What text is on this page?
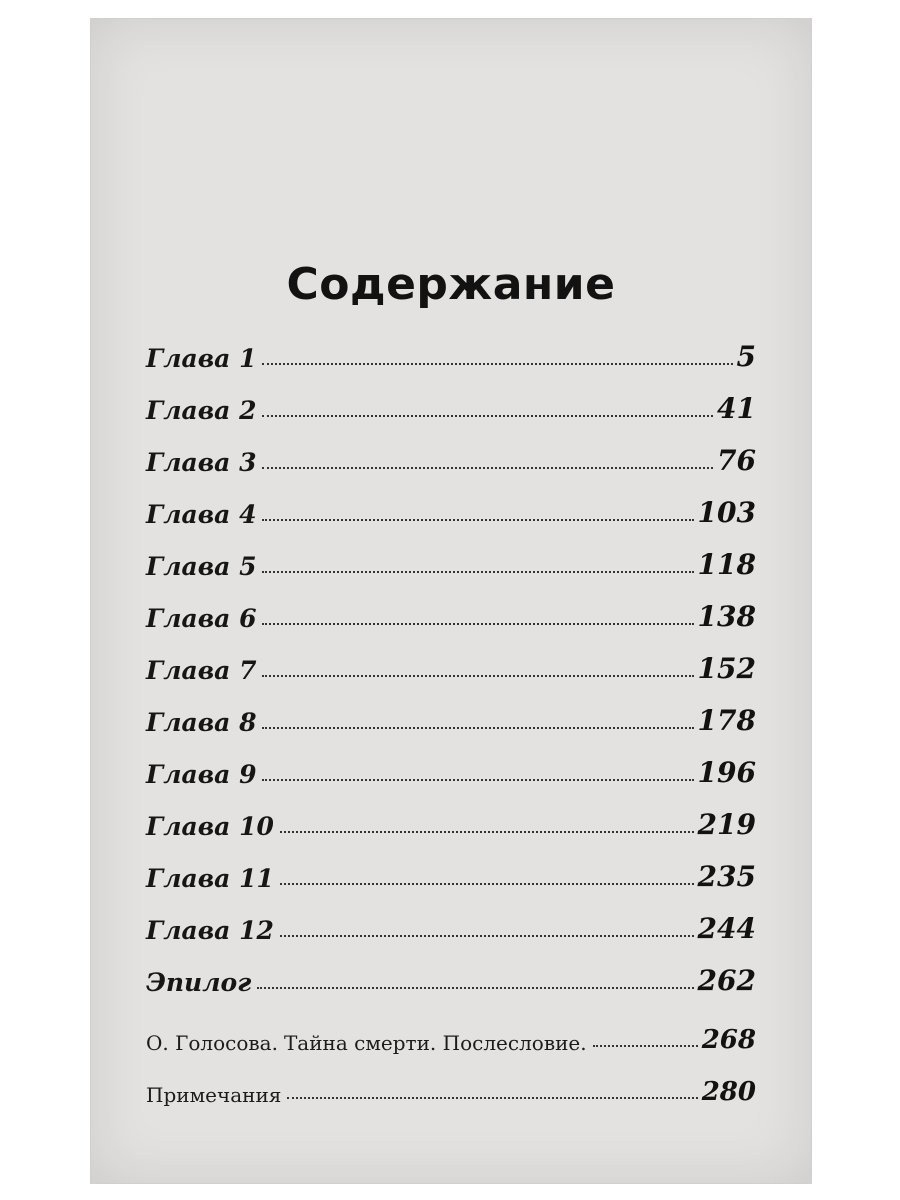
Содержание
Глава 1	5
Глава 2	41
Глава 3	76
Глава 4	103
Глава 5	118
Глава 6	138
Глава 7	152
Глава 8	178
Глава 9	196
Глава 10	219
Глава 11	235
Глава 12	244
Эпилог	262
О. Голосова. Тайна смерти. Послесловие.	268
Примечания	280
